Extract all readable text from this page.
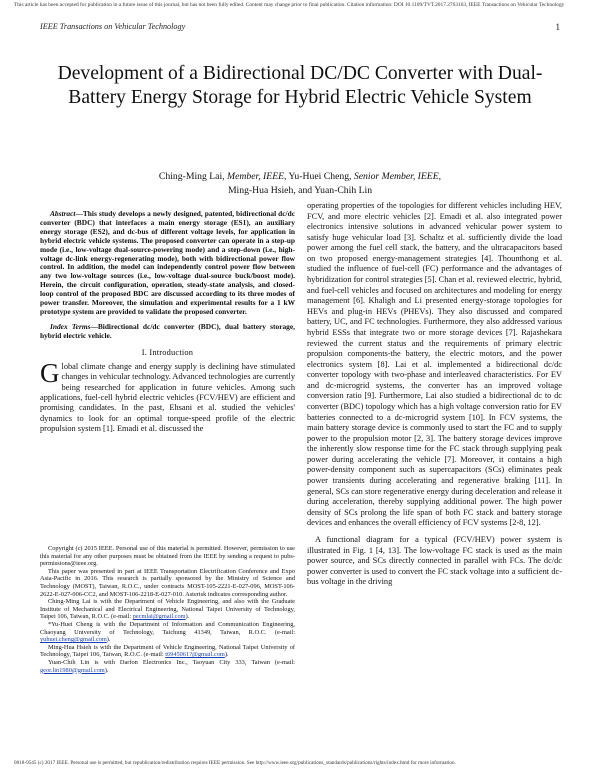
This article has been accepted for publication in a future issue of this journal, but has not been fully edited. Content may change prior to final publication. Citation information: DOI 10.1109/TVT.2017.2763163, IEEE Transactions on Vehicular Technology
IEEE Transactions on Vehicular Technology	1
Development of a Bidirectional DC/DC Converter with Dual-Battery Energy Storage for Hybrid Electric Vehicle System
Ching-Ming Lai, Member, IEEE, Yu-Huei Cheng, Senior Member, IEEE,
Ming-Hua Hsieh, and Yuan-Chih Lin

Abstract—This study develops a newly designed, patented, bidirectional dc/dc converter (BDC) that interfaces a main energy storage (ES1), an auxiliary energy storage (ES2), and dc-bus of different voltage levels, for application in hybrid electric vehicle systems. The proposed converter can operate in a step-up mode (i.e., low-voltage dual-source-powering mode) and a step-down (i.e., high-voltage dc-link energy-regenerating mode), both with bidirectional power flow control. In addition, the model can independently control power flow between any two low-voltage sources (i.e., low-voltage dual-source buck/boost mode). Herein, the circuit configuration, operation, steady-state analysis, and closed-loop control of the proposed BDC are discussed according to its three modes of power transfer. Moreover, the simulation and experimental results for a 1 kW prototype system are provided to validate the proposed converter.

Index Terms—Bidirectional dc/dc converter (BDC), dual battery storage, hybrid electric vehicle.

I. Introduction

Global climate change and energy supply is declining have stimulated changes in vehicular technology. Advanced technologies are currently being researched for application in future vehicles. Among such applications, fuel-cell hybrid electric vehicles (FCV/HEV) are efficient and promising candidates. In the past, Ehsani et al. studied the vehicles' dynamics to look for an optimal torque-speed profile of the electric propulsion system [1]. Emadi et al. discussed the

Copyright (c) 2015 IEEE. Personal use of this material is permitted. However, permission to use this material for any other purposes must be obtained from the IEEE by sending a request to pubs-permissions@ieee.org.

This paper was presented in part at IEEE Transportation Electrification Conference and Expo Asia-Pacific in 2016. This research is partially sponsored by the Ministry of Science and Technology (MOST), Taiwan, R.O.C., under contracts MOST-105-2221-E-027-096, MOST-106-2622-E-027-006-CC2, and MOST-106-2218-E-027-010. Asterisk indicates corresponding author.

Ching-Ming Lai is with the Department of Vehicle Engineering, and also with the Graduate Institute of Mechanical and Electrical Engineering, National Taipei University of Technology, Taipei 106, Taiwan, R.O.C. (e-mail: pecmlai@gmail.com).

*Yu-Huei Cheng is with the Department of Information and Communication Engineering, Chaoyang University of Technology, Taichung 41349, Taiwan, R.O.C. (e-mail: yuhuei.cheng@gmail.com).

Ming-Hua Hsieh is with the Department of Vehicle Engineering, National Taipei University of Technology, Taipei 106, Taiwan, R.O.C. (e-mail: t6945061?@gmail.com).

Yuan-Chih Lin is with Darfon Electronics Inc., Taoyuan City 333, Taiwan (e-mail: geor.lin1980@gmail.com).

operating properties of the topologies for different vehicles including HEV, FCV, and more electric vehicles [2]. Emadi et al. also integrated power electronics intensive solutions in advanced vehicular power system to satisfy huge vehicular load [3]. Schaltz et al. sufficiently divide the load power among the fuel cell stack, the battery, and the ultracapacitors based on two proposed energy-management strategies [4]. Thounthong et al. studied the influence of fuel-cell (FC) performance and the advantages of hybridization for control strategies [5]. Chan et al. reviewed electric, hybrid, and fuel-cell vehicles and focused on architectures and modeling for energy management [6]. Khaligh and Li presented energy-storage topologies for HEVs and plug-in HEVs (PHEVs). They also discussed and compared battery, UC, and FC technologies. Furthermore, they also addressed various hybrid ESSs that integrate two or more storage devices [7]. Rajashekara reviewed the current status and the requirements of primary electric propulsion components-the battery, the electric motors, and the power electronics system [8]. Lai et al. implemented a bidirectional dc/dc converter topology with two-phase and interleaved characteristics. For EV and dc-microgrid systems, the converter has an improved voltage conversion ratio [9]. Furthermore, Lai also studied a bidirectional dc to dc converter (BDC) topology which has a high voltage conversion ratio for EV batteries connected to a dc-microgrid system [10]. In FCV systems, the main battery storage device is commonly used to start the FC and to supply power to the propulsion motor [2, 3]. The battery storage devices improve the inherently slow response time for the FC stack through supplying peak power during accelerating the vehicle [7]. Moreover, it contains a high power-density component such as supercapacitors (SCs) eliminates peak power transients during accelerating and regenerative braking [11]. In general, SCs can store regenerative energy during deceleration and release it during acceleration, thereby supplying additional power. The high power density of SCs prolong the life span of both FC stack and battery storage devices and enhances the overall efficiency of FCV systems [2-8, 12].

A functional diagram for a typical (FCV/HEV) power system is illustrated in Fig. 1 [4, 13]. The low-voltage FC stack is used as the main power source, and SCs directly connected in parallel with FCs. The dc/dc power converter is used to convert the FC stack voltage into a sufficient dc-bus voltage in the driving

0018-9545 (c) 2017 IEEE. Personal use is permitted, but republication/redistribution requires IEEE permission. See http://www.ieee.org/publications_standards/publications/rights/index.html for more information.
